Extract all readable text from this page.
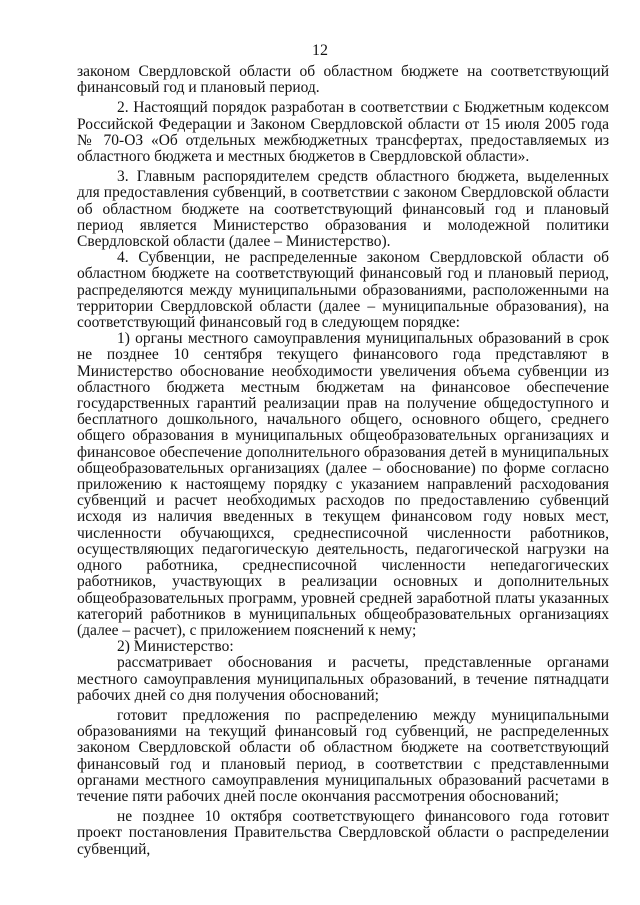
12

законом Свердловской области об областном бюджете на соответствующий финансовый год и плановый период.

2. Настоящий порядок разработан в соответствии с Бюджетным кодексом Российской Федерации и Законом Свердловской области от 15 июля 2005 года № 70-ОЗ «Об отдельных межбюджетных трансфертах, предоставляемых из областного бюджета и местных бюджетов в Свердловской области».

3. Главным распорядителем средств областного бюджета, выделенных для предоставления субвенций, в соответствии с законом Свердловской области об областном бюджете на соответствующий финансовый год и плановый период является Министерство образования и молодежной политики Свердловской области (далее – Министерство).

4. Субвенции, не распределенные законом Свердловской области об областном бюджете на соответствующий финансовый год и плановый период, распределяются между муниципальными образованиями, расположенными на территории Свердловской области (далее – муниципальные образования), на соответствующий финансовый год в следующем порядке:

1) органы местного самоуправления муниципальных образований в срок не позднее 10 сентября текущего финансового года представляют в Министерство обоснование необходимости увеличения объема субвенции из областного бюджета местным бюджетам на финансовое обеспечение государственных гарантий реализации прав на получение общедоступного и бесплатного дошкольного, начального общего, основного общего, среднего общего образования в муниципальных общеобразовательных организациях и финансовое обеспечение дополнительного образования детей в муниципальных общеобразовательных организациях (далее – обоснование) по форме согласно приложению к настоящему порядку с указанием направлений расходования субвенций и расчет необходимых расходов по предоставлению субвенций исходя из наличия введенных в текущем финансовом году новых мест, численности обучающихся, среднесписочной численности работников, осуществляющих педагогическую деятельность, педагогической нагрузки на одного работника, среднесписочной численности непедагогических работников, участвующих в реализации основных и дополнительных общеобразовательных программ, уровней средней заработной платы указанных категорий работников в муниципальных общеобразовательных организациях (далее – расчет), с приложением пояснений к нему;

2) Министерство:

рассматривает обоснования и расчеты, представленные органами местного самоуправления муниципальных образований, в течение пятнадцати рабочих дней со дня получения обоснований;

готовит предложения по распределению между муниципальными образованиями на текущий финансовый год субвенций, не распределенных законом Свердловской области об областном бюджете на соответствующий финансовый год и плановый период, в соответствии с представленными органами местного самоуправления муниципальных образований расчетами в течение пяти рабочих дней после окончания рассмотрения обоснований;

не позднее 10 октября соответствующего финансового года готовит проект постановления Правительства Свердловской области о распределении субвенций,
